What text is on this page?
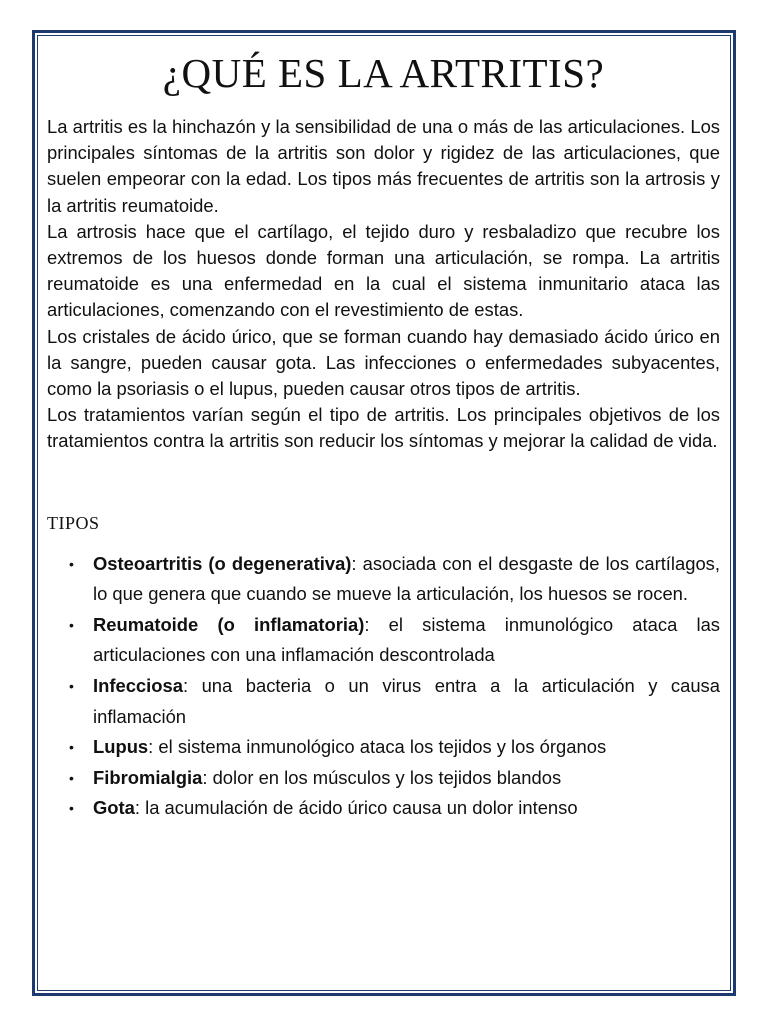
¿QUÉ ES LA ARTRITIS?

La artritis es la hinchazón y la sensibilidad de una o más de las articulaciones. Los principales síntomas de la artritis son dolor y rigidez de las articulaciones, que suelen empeorar con la edad. Los tipos más frecuentes de artritis son la artrosis y la artritis reumatoide.

La artrosis hace que el cartílago, el tejido duro y resbaladizo que recubre los extremos de los huesos donde forman una articulación, se rompa. La artritis reumatoide es una enfermedad en la cual el sistema inmunitario ataca las articulaciones, comenzando con el revestimiento de estas.

Los cristales de ácido úrico, que se forman cuando hay demasiado ácido úrico en la sangre, pueden causar gota. Las infecciones o enfermedades subyacentes, como la psoriasis o el lupus, pueden causar otros tipos de artritis.

Los tratamientos varían según el tipo de artritis. Los principales objetivos de los tratamientos contra la artritis son reducir los síntomas y mejorar la calidad de vida.

TIPOS
• Osteoartritis (o degenerativa): asociada con el desgaste de los cartílagos, lo que genera que cuando se mueve la articulación, los huesos se rocen.
• Reumatoide (o inflamatoria): el sistema inmunológico ataca las articulaciones con una inflamación descontrolada
• Infecciosa: una bacteria o un virus entra a la articulación y causa inflamación
• Lupus: el sistema inmunológico ataca los tejidos y los órganos
• Fibromialgia: dolor en los músculos y los tejidos blandos
• Gota: la acumulación de ácido úrico causa un dolor intenso
